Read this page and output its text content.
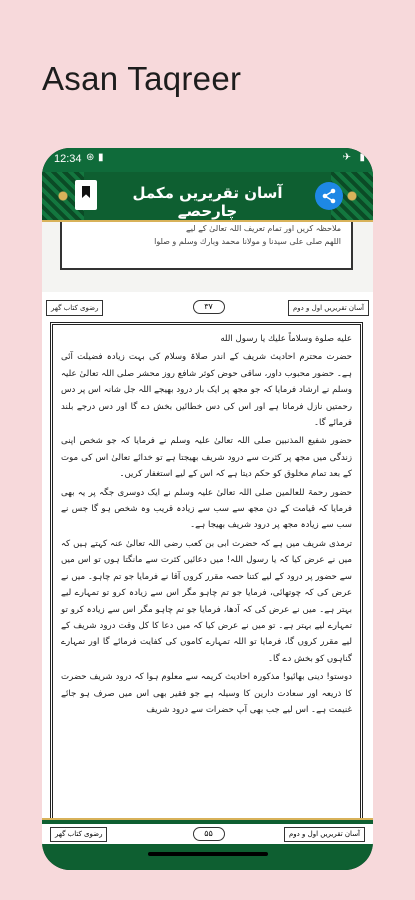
Asan Taqreer
12:34 ⊛ ▮	✈ ▮
آسان تقریریں مکمل چارحصے
ملاحظہ کریں اور تمام تعریف اللہ تعالیٰ کے لیے
اللهم صلى على سيدنا و مولانا محمد وبارك وسلم و صلوا
رضوی کتاب گھر	۳۷	آسان تقریریں اول و دوم

عليه صلوة وسلاماً عليك يا رسول الله

حضرت محترم احادیث شریف کے اندر صلاۃ وسلام کی بہت زیادہ فضیلت آئی ہے۔ حضور محبوب داور، ساقی حوض کوثر شافع روز محشر صلی اللہ تعالیٰ علیہ وسلم نے ارشاد فرمایا کہ جو مجھ پر ایک بار درود بھیجے اللہ جل شانہ اس پر دس رحمتیں نازل فرماتا ہے اور اس کی دس خطائیں بخش دے گا اور دس درجے بلند فرمائے گا۔

حضور شفیع المذنبین صلی اللہ تعالیٰ علیہ وسلم نے فرمایا کہ جو شخص اپنی زندگی میں مجھ پر کثرت سے درود شریف بھیجتا ہے تو خدائے تعالیٰ اس کی موت کے بعد تمام مخلوق کو حکم دیتا ہے کہ اس کے لیے استغفار کریں۔

حضور رحمۃ للعالمین صلی اللہ تعالیٰ علیہ وسلم نے ایک دوسری جگہ پر یہ بھی فرمایا کہ قیامت کے دن مجھ سے سب سے زیادہ قریب وہ شخص ہو گا جس نے سب سے زیادہ مجھ پر درود شریف بھیجا ہے۔

ترمذی شریف میں ہے کہ حضرت ابی بن کعب رضی اللہ تعالیٰ عنہ کہتے ہیں کہ میں نے عرض کیا کہ یا رسول اللہ! میں دعائیں کثرت سے مانگتا ہوں تو اس میں سے حضور پر درود کے لیے کتنا حصہ مقرر کروں آقا نے فرمایا جو تم چاہو۔ میں نے عرض کی کہ چوتھائی، فرمایا جو تم چاہو مگر اس سے زیادہ کرو تو تمہارے لیے بہتر ہے۔ میں نے عرض کی کہ آدھا، فرمایا جو تم چاہو مگر اس سے زیادہ کرو تو تمہارے لیے بہتر ہے۔ تو میں نے عرض کیا کہ میں دعا کا کل وقت درود شریف کے لیے مقرر کروں گا، فرمایا تو اللہ تمہارے کاموں کی کفایت فرمائے گا اور تمہارے گناہوں کو بخش دے گا۔

دوستو! دینی بھائیو! مذکورہ احادیث کریمہ سے معلوم ہوا کہ درود شریف حضرت کا ذریعہ اور سعادت دارین کا وسیلہ ہے جو فقیر بھی اس میں صرف ہو جائے غنیمت ہے۔ اس لیے جب بھی آپ حضرات سے درود شریف

رضوی کتاب گھر	۵۵	آسان تقریریں اول و دوم
